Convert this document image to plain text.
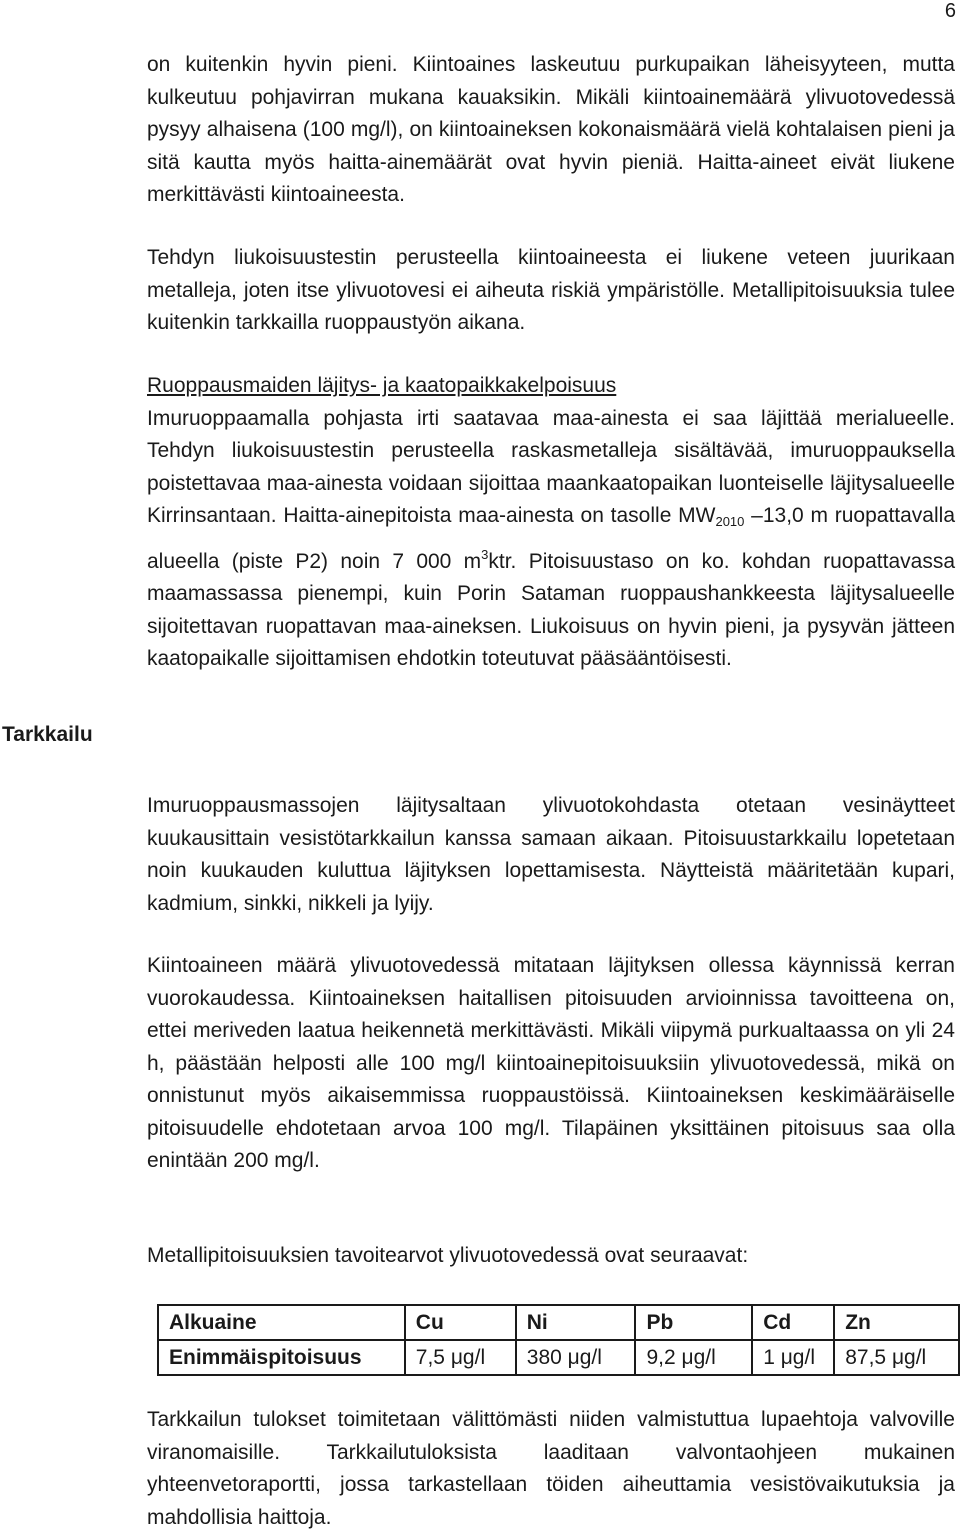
6
Tarkkailu

on kuitenkin hyvin pieni. Kiintoaines laskeutuu purkupaikan läheisyyteen, mutta kulkeutuu pohjavirran mukana kauaksikin. Mikäli kiintoainemäärä ylivuotovedessä pysyy alhaisena (100 mg/l), on kiintoaineksen kokonaismäärä vielä kohtalaisen pieni ja sitä kautta myös haitta-ainemäärät ovat hyvin pieniä. Haitta-aineet eivät liukene merkittävästi kiintoaineesta.

Tehdyn liukoisuustestin perusteella kiintoaineesta ei liukene veteen juurikaan metalleja, joten itse ylivuotovesi ei aiheuta riskiä ympäristölle. Metallipitoisuuksia tulee kuitenkin tarkkailla ruoppaustyön aikana.

Ruoppausmaiden läjitys- ja kaatopaikkakelpoisuus

Imuruoppaamalla pohjasta irti saatavaa maa-ainesta ei saa läjittää merialueelle. Tehdyn liukoisuustestin perusteella raskasmetalleja sisältävää, imuruoppauksella poistettavaa maa-ainesta voidaan sijoittaa maankaatopaikan luonteiselle läjitysalueelle Kirrinsantaan. Haitta-ainepitoista maa-ainesta on tasolle $MW_{2010}$ –13,0 m ruopattavalla alueella (piste P2) noin 7 000 $m^3ktr$. Pitoisuustaso on ko. kohdan ruopattavassa maamassassa pienempi, kuin Porin Sataman ruoppaushankkeesta läjitysalueelle sijoitettavan ruopattavan maa-aineksen. Liukoisuus on hyvin pieni, ja pysyvän jätteen kaatopaikalle sijoittamisen ehdotkin toteutuvat pääsääntöisesti.

Imuruoppausmassojen läjitysaltaan ylivuotokohdasta otetaan vesinäytteet kuukausittain vesistötarkkailun kanssa samaan aikaan. Pitoisuustarkkailu lopetetaan noin kuukauden kuluttua läjityksen lopettamisesta. Näytteistä määritetään kupari, kadmium, sinkki, nikkeli ja lyijy.

Kiintoaineen määrä ylivuotovedessä mitataan läjityksen ollessa käynnissä kerran vuorokaudessa. Kiintoaineksen haitallisen pitoisuuden arvioinnissa tavoitteena on, ettei meriveden laatua heikennetä merkittävästi. Mikäli viipymä purkualtaassa on yli 24 h, päästään helposti alle 100 mg/l kiintoainepitoisuuksiin ylivuotovedessä, mikä on onnistunut myös aikaisemmissa ruoppaustöissä. Kiintoaineksen keskimääräiselle pitoisuudelle ehdotetaan arvoa 100 mg/l. Tilapäinen yksittäinen pitoisuus saa olla enintään 200 mg/l.

Metallipitoisuuksien tavoitearvot ylivuotovedessä ovat seuraavat:

Tarkkailun tulokset toimitetaan välittömästi niiden valmistuttua lupaehtoja valvoville viranomaisille. Tarkkailutuloksista laaditaan valvontaohjeen mukainen yhteenvetoraportti, jossa tarkastellaan töiden aiheuttamia vesistövaikutuksia ja mahdollisia haittoja.

Alkuaine	Cu	Ni	Pb	Cd	Zn
Enimmäispitoisuus	7,5 μg/l	380 μg/l	9,2 μg/l	1 μg/l	87,5 μg/l
